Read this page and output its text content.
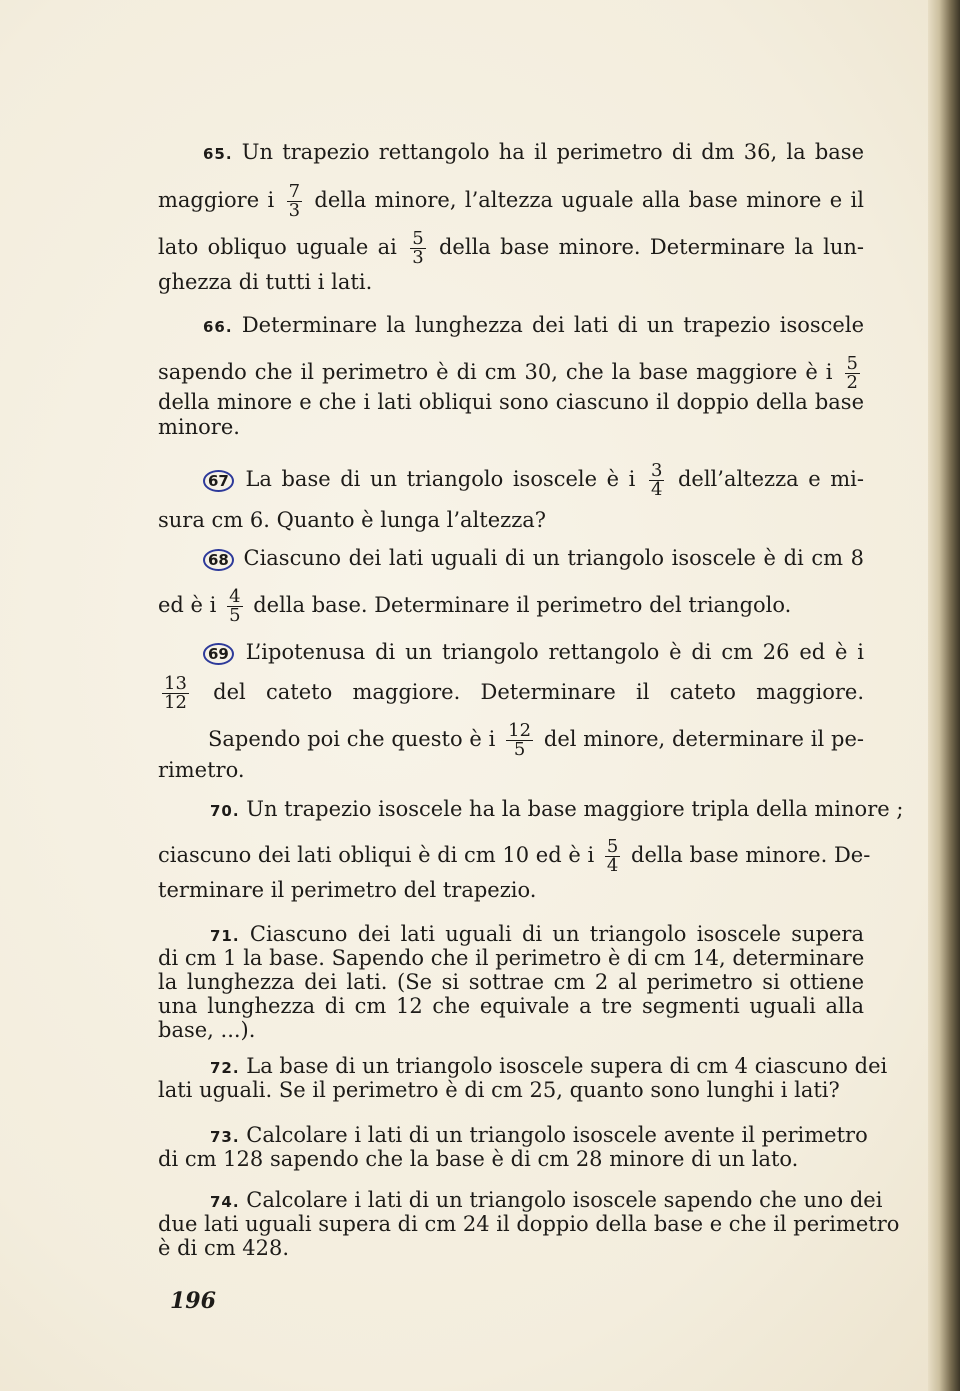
65. Un trapezio rettangolo ha il perimetro di dm 36, la base
maggiore i $\frac{7}{3}$ della minore, l’altezza uguale alla base minore e il
lato obliquo uguale ai $\frac{5}{3}$ della base minore. Determinare la lun-
ghezza di tutti i lati.
66. Determinare la lunghezza dei lati di un trapezio isoscele
sapendo che il perimetro è di cm 30, che la base maggiore è i $\frac{5}{2}$
della minore e che i lati obliqui sono ciascuno il doppio della base
minore.
67 La base di un triangolo isoscele è i $\frac{3}{4}$ dell’altezza e mi-
sura cm 6. Quanto è lunga l’altezza?
68 Ciascuno dei lati uguali di un triangolo isoscele è di cm 8
ed è i $\frac{4}{5}$ della base. Determinare il perimetro del triangolo.
69 L’ipotenusa di un triangolo rettangolo è di cm 26 ed è i
$\frac{13}{12}$ del cateto maggiore. Determinare il cateto maggiore.
Sapendo poi che questo è i $\frac{12}{5}$ del minore, determinare il pe-
rimetro.
70. Un trapezio isoscele ha la base maggiore tripla della minore ;
ciascuno dei lati obliqui è di cm 10 ed è i $\frac{5}{4}$ della base minore. De-
terminare il perimetro del trapezio.
71. Ciascuno dei lati uguali di un triangolo isoscele supera
di cm 1 la base. Sapendo che il perimetro è di cm 14, determinare
la lunghezza dei lati. (Se si sottrae cm 2 al perimetro si ottiene
una lunghezza di cm 12 che equivale a tre segmenti uguali alla
base, ...).
72. La base di un triangolo isoscele supera di cm 4 ciascuno dei
lati uguali. Se il perimetro è di cm 25, quanto sono lunghi i lati?
73. Calcolare i lati di un triangolo isoscele avente il perimetro
di cm 128 sapendo che la base è di cm 28 minore di un lato.
74. Calcolare i lati di un triangolo isoscele sapendo che uno dei
due lati uguali supera di cm 24 il doppio della base e che il perimetro
è di cm 428.
196
